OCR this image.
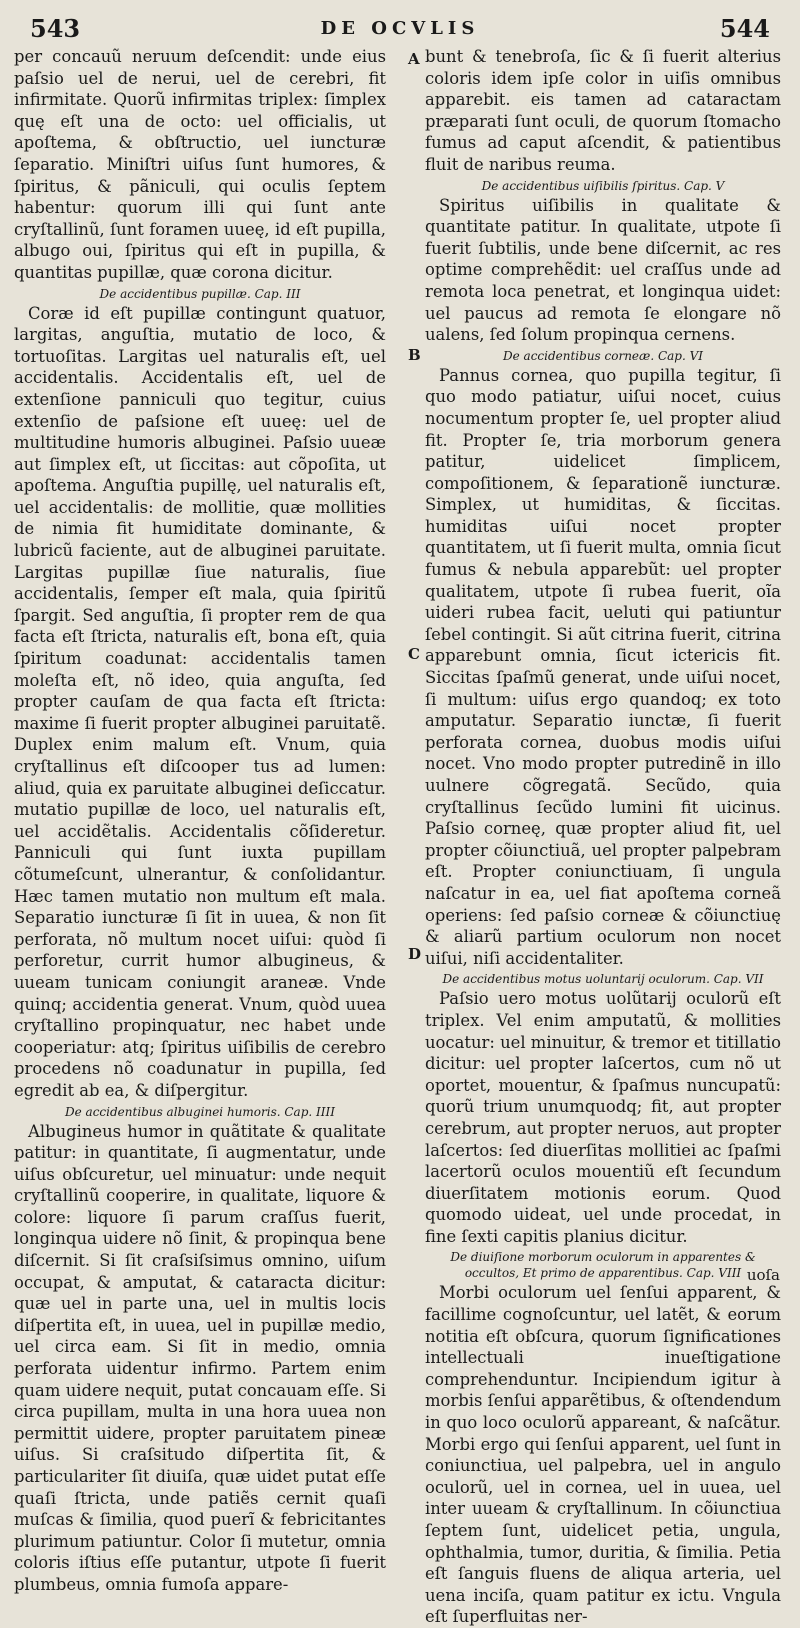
543	DE OCVLIS	544

per concauũ neruum deſcendit: unde eius paſsio uel de nerui, uel de cerebri, fit infirmitate. Quorũ infirmitas triplex: ſimplex quę eſt una de octo: uel officialis, ut apoſtema, & obſtructio, uel iuncturæ ſeparatio. Miniſtri uiſus ſunt humores, & ſpiritus, & pãniculi, qui oculis ſeptem habentur: quorum illi qui ſunt ante cryſtallinũ, ſunt foramen uueę, id eſt pupilla, albugo oui, ſpiritus qui eſt in pupilla, & quantitas pupillæ, quæ corona dicitur.

De accidentibus pupillæ. Cap. III

Coræ id eſt pupillæ contingunt quatuor, largitas, anguſtia, mutatio de loco, & tortuoſitas. Largitas uel naturalis eſt, uel accidentalis. Accidentalis eſt, uel de extenſione panniculi quo tegitur, cuius extenſio de paſsione eſt uueę: uel de multitudine humoris albuginei. Paſsio uueæ aut ſimplex eſt, ut ſiccitas: aut cõpoſita, ut apoſtema. Anguſtia pupillę, uel naturalis eſt, uel accidentalis: de mollitie, quæ mollities de nimia fit humiditate dominante, & lubricũ faciente, aut de albuginei paruitate. Largitas pupillæ ſiue naturalis, ſiue accidentalis, ſemper eſt mala, quia ſpiritũ ſpargit. Sed anguſtia, ſi propter rem de qua facta eſt ſtricta, naturalis eſt, bona eſt, quia ſpiritum coadunat: accidentalis tamen moleſta eſt, nõ ideo, quia anguſta, ſed propter cauſam de qua facta eſt ſtricta: maxime ſi fuerit propter albuginei paruitatẽ. Duplex enim malum eſt. Vnum, quia cryſtallinus eſt diſcooper tus ad lumen: aliud, quia ex paruitate albuginei deſiccatur. mutatio pupillæ de loco, uel naturalis eſt, uel accidẽtalis. Accidentalis cõſideretur. Panniculi qui ſunt iuxta pupillam cõtumeſcunt, ulnerantur, & conſolidantur. Hæc tamen mutatio non multum eſt mala. Separatio iuncturæ ſi ſit in uuea, & non ſit perforata, nõ multum nocet uiſui: quòd ſi perforetur, currit humor albugineus, & uueam tunicam coniungit araneæ. Vnde quinq; accidentia generat. Vnum, quòd uuea cryſtallino propinquatur, nec habet unde cooperiatur: atq; ſpiritus uiſibilis de cerebro procedens nõ coadunatur in pupilla, ſed egredit ab ea, & diſpergitur.

De accidentibus albuginei humoris. Cap. IIII

Albugineus humor in quãtitate & qualitate patitur: in quantitate, ſi augmentatur, unde uiſus obſcuretur, uel minuatur: unde nequit cryſtallinũ cooperire, in qualitate, liquore & colore: liquore ſi parum craſſus fuerit, longinqua uidere nõ ſinit, & propinqua bene diſcernit. Si ſit craſsiſsimus omnino, uiſum occupat, & amputat, & cataracta dicitur: quæ uel in parte una, uel in multis locis diſpertita eſt, in uuea, uel in pupillæ medio, uel circa eam. Si ſit in medio, omnia perforata uidentur infirmo. Partem enim quam uidere nequit, putat concauam eſſe. Si circa pupillam, multa in una hora uuea non permittit uidere, propter paruitatem pineæ uiſus. Si craſsitudo diſpertita ſit, & particulariter ſit diuiſa, quæ uidet putat eſſe quaſi ſtricta, unde patiẽs cernit quaſi muſcas & ſimilia, quod puerĩ & febricitantes plurimum patiuntur. Color ſi mutetur, omnia coloris iſtius eſſe putantur, utpote ſi fuerit plumbeus, omnia fumoſa appare-

A
B
C
D

bunt & tenebroſa, ſic & ſi fuerit alterius coloris idem ipſe color in uiſis omnibus apparebit. eis tamen ad cataractam præparati ſunt oculi, de quorum ſtomacho fumus ad caput aſcendit, & patientibus fluit de naribus reuma.

De accidentibus uiſibilis ſpiritus. Cap. V

Spiritus uiſibilis in qualitate & quantitate patitur. In qualitate, utpote ſi fuerit ſubtilis, unde bene diſcernit, ac res optime comprehẽdit: uel craſſus unde ad remota loca penetrat, et longinqua uidet: uel paucus ad remota ſe elongare nõ ualens, ſed ſolum propinqua cernens.

De accidentibus corneæ. Cap. VI

Pannus cornea, quo pupilla tegitur, ſi quo modo patiatur, uiſui nocet, cuius nocumentum propter ſe, uel propter aliud fit. Propter ſe, tria morborum genera patitur, uidelicet ſimplicem, compoſitionem, & ſeparationẽ iuncturæ. Simplex, ut humiditas, & ſiccitas. humiditas uiſui nocet propter quantitatem, ut ſi fuerit multa, omnia ſicut fumus & nebula apparebũt: uel propter qualitatem, utpote ſi rubea fuerit, oĩa uideri rubea facit, ueluti qui patiuntur ſebel contingit. Si aũt citrina fuerit, citrina apparebunt omnia, ſicut ictericis fit. Siccitas ſpaſmũ generat, unde uiſui nocet, ſi multum: uiſus ergo quandoq; ex toto amputatur. Separatio iunctæ, ſi fuerit perforata cornea, duobus modis uiſui nocet. Vno modo propter putredinẽ in illo uulnere cõgregatã. Secũdo, quia cryſtallinus ſecũdo lumini fit uicinus. Paſsio corneę, quæ propter aliud fit, uel propter cõiunctiuã, uel propter palpebram eſt. Propter coniunctiuam, ſi ungula naſcatur in ea, uel fiat apoſtema corneã operiens: ſed paſsio corneæ & cõiunctiuę & aliarũ partium oculorum non nocet uiſui, niſi accidentaliter.

De accidentibus motus uoluntarij oculorum. Cap. VII

Paſsio uero motus uolũtarij oculorũ eſt triplex. Vel enim amputatũ, & mollities uocatur: uel minuitur, & tremor et titillatio dicitur: uel propter laſcertos, cum nõ ut oportet, mouentur, & ſpaſmus nuncupatũ: quorũ trium unumquodq; fit, aut propter cerebrum, aut propter neruos, aut propter laſcertos: ſed diuerſitas mollitiei ac ſpaſmi lacertorũ oculos mouentiũ eſt ſecundum diuerſitatem motionis eorum. Quod quomodo uideat, uel unde procedat, in fine ſexti capitis planius dicitur.

De diuiſione morborum oculorum in apparentes & occultos, Et primo de apparentibus. Cap. VIII

Morbi oculorum uel ſenſui apparent, & facillime cognoſcuntur, uel latẽt, & eorum notitia eſt obſcura, quorum ſignificationes intellectuali inueſtigatione comprehenduntur. Incipiendum igitur à morbis ſenſui apparẽtibus, & oſtendendum in quo loco oculorũ appareant, & naſcãtur. Morbi ergo qui ſenſui apparent, uel ſunt in coniunctiua, uel palpebra, uel in angulo oculorũ, uel in cornea, uel in uuea, uel inter uueam & cryſtallinum. In cõiunctiua ſeptem ſunt, uidelicet petia, ungula, ophthalmia, tumor, duritia, & ſimilia. Petia eſt ſanguis fluens de aliqua arteria, uel uena inciſa, quam patitur ex ictu. Vngula eſt ſuperfluitas ner-

uoſa
